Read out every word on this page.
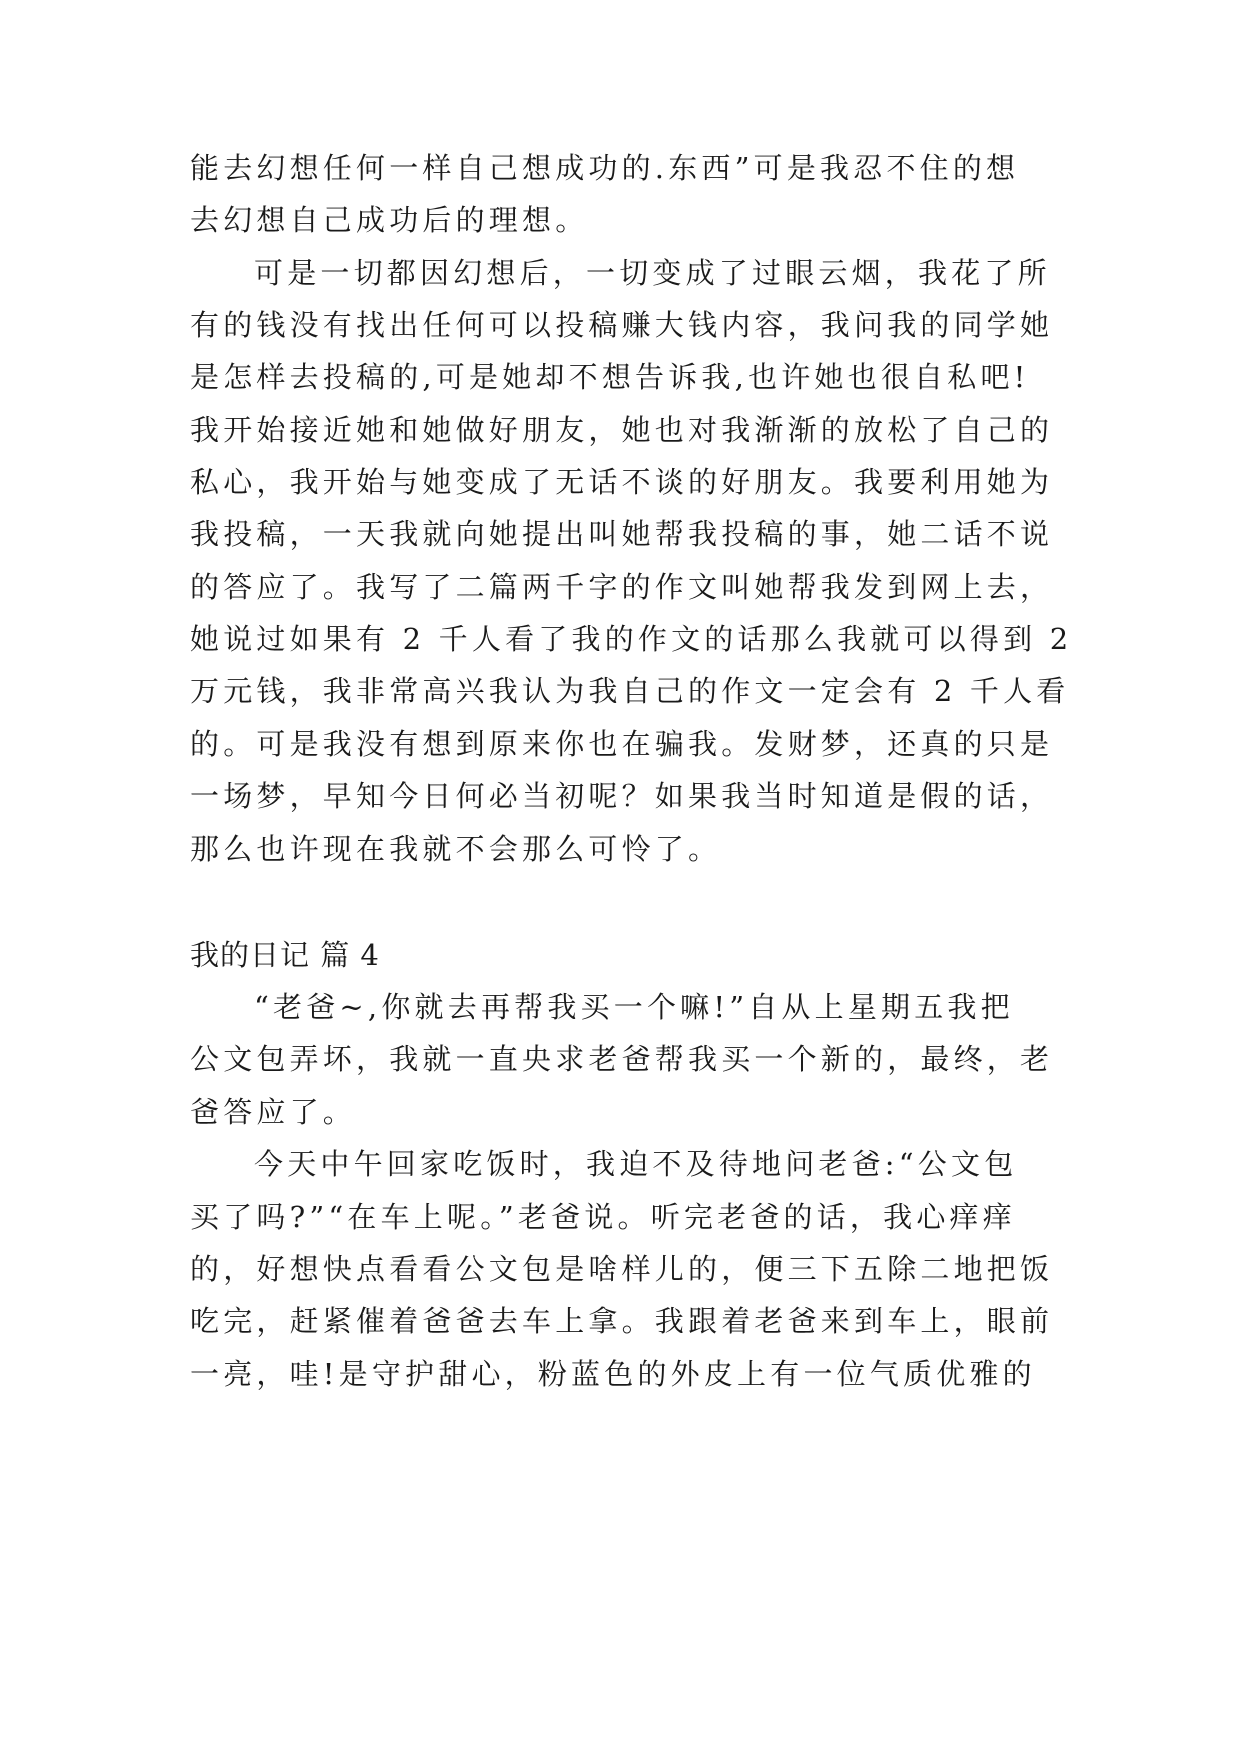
能去幻想任何一样自己想成功的.东西”可是我忍不住的想
去幻想自己成功后的理想。
可是一切都因幻想后，一切变成了过眼云烟，我花了所
有的钱没有找出任何可以投稿赚大钱内容，我问我的同学她
是怎样去投稿的,可是她却不想告诉我,也许她也很自私吧!
我开始接近她和她做好朋友，她也对我渐渐的放松了自己的
私心，我开始与她变成了无话不谈的好朋友。我要利用她为
我投稿，一天我就向她提出叫她帮我投稿的事，她二话不说
的答应了。我写了二篇两千字的作文叫她帮我发到网上去，
她说过如果有 2 千人看了我的作文的话那么我就可以得到 2
万元钱，我非常高兴我认为我自己的作文一定会有 2 千人看
的。可是我没有想到原来你也在骗我。发财梦，还真的只是
一场梦，早知今日何必当初呢？如果我当时知道是假的话，
那么也许现在我就不会那么可怜了。
我的日记 篇 4
“老爸~,你就去再帮我买一个嘛!”自从上星期五我把
公文包弄坏，我就一直央求老爸帮我买一个新的，最终，老
爸答应了。
今天中午回家吃饭时，我迫不及待地问老爸:“公文包
买了吗?”“在车上呢。”老爸说。听完老爸的话，我心痒痒
的，好想快点看看公文包是啥样儿的，便三下五除二地把饭
吃完，赶紧催着爸爸去车上拿。我跟着老爸来到车上，眼前
一亮，哇!是守护甜心，粉蓝色的外皮上有一位气质优雅的
